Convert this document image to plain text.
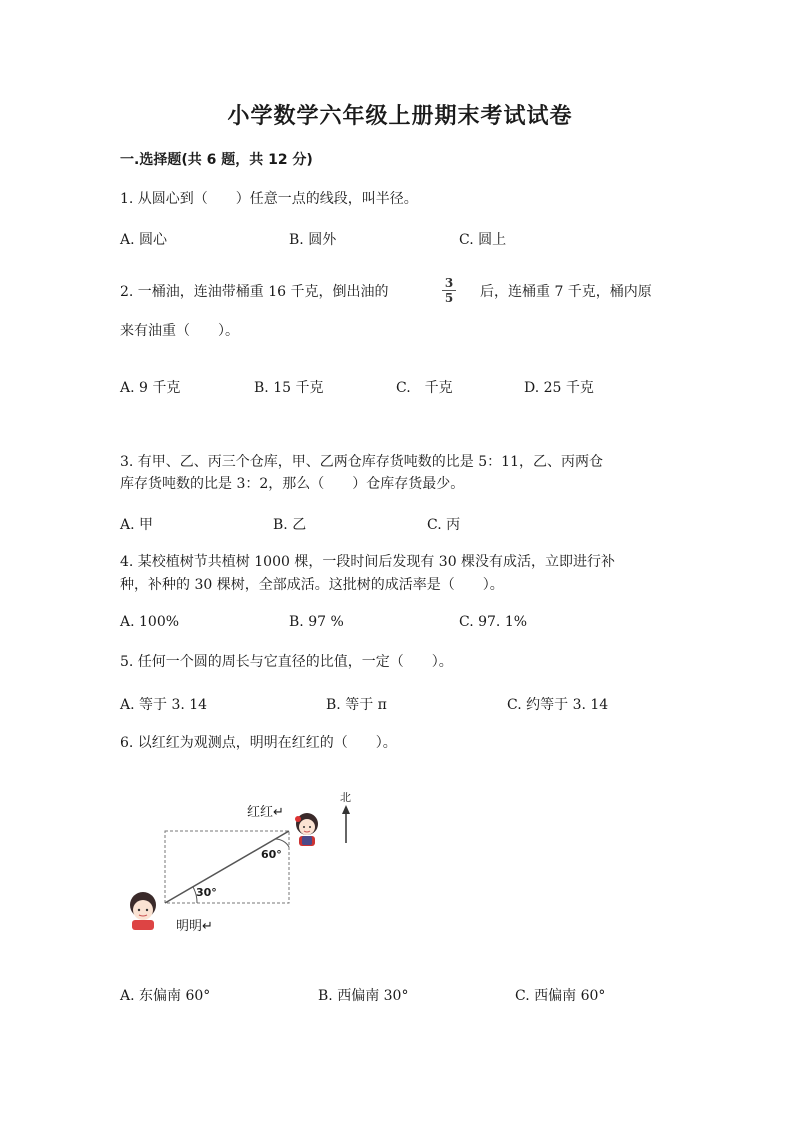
小学数学六年级上册期末考试试卷
一.选择题(共 6 题，共 12 分)
1. 从圆心到（　　）任意一点的线段，叫半径。
A. 圆心	B. 圆外	C. 圆上
2. 一桶油，连油带桶重 16 千克，倒出油的
3
5 后，连桶重 7 千克，桶内原
来有油重（　　）。
A. 9 千克	B. 15 千克	C.　千克	D. 25 千克
3. 有甲、乙、丙三个仓库，甲、乙两仓库存货吨数的比是 5：11，乙、丙两仓
库存货吨数的比是 3：2，那么（　　）仓库存货最少。
A. 甲	B. 乙	C. 丙
4. 某校植树节共植树 1000 棵，一段时间后发现有 30 棵没有成活，立即进行补
种，补种的 30 棵树，全部成活。这批树的成活率是（　　）。
A. 100%	B. 97 %	C. 97. 1%
5. 任何一个圆的周长与它直径的比值，一定（　　）。
A. 等于 3. 14	B. 等于 π	C. 约等于 3. 14
6. 以红红为观测点，明明在红红的（　　）。
北
红红↵
明明↵
60°
30°
A. 东偏南 60°	B. 西偏南 30°	C. 西偏南 60°
